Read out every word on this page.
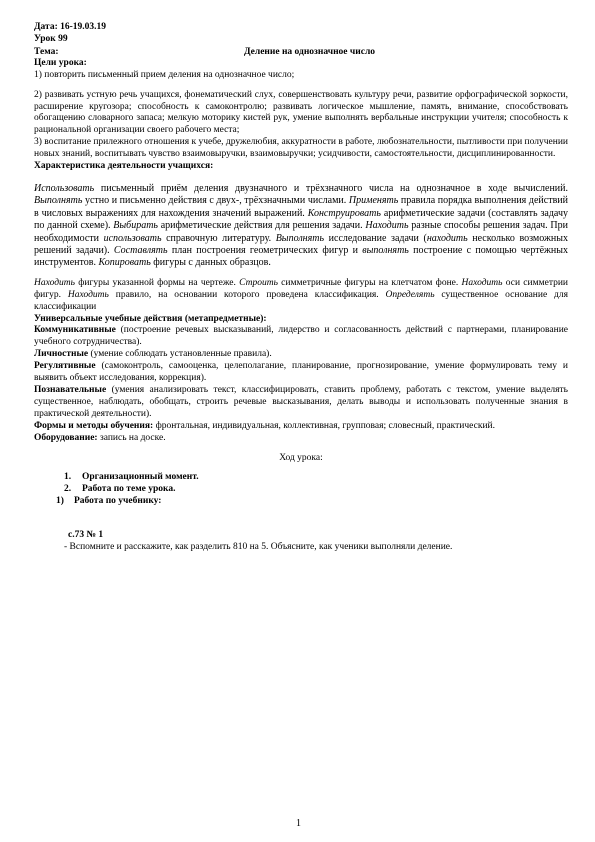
Дата: 16-19.03.19

Урок 99

Тема:	Деление на однозначное число

Цели урока:

1) повторить письменный прием деления на однозначное число;

2) развивать устную речь учащихся, фонематический слух, совершенствовать культуру речи, развитие орфографической зоркости, расширение кругозора; способность к самоконтролю; развивать логическое мышление, память, внимание, способствовать обогащению словарного запаса; мелкую моторику кистей рук, умение выполнять вербальные инструкции учителя; способность к рациональной организации своего рабочего места;

3) воспитание прилежного отношения к учебе, дружелюбия, аккуратности в работе, любознательности, пытливости при получении новых знаний, воспитывать чувство взаимовыручки, взаимовыручки; усидчивости, самостоятельности, дисциплинированности.

Характеристика деятельности учащихся:

Использовать письменный приём деления двузначного и трёхзначного числа на однозначное в ходе вычислений. Выполнять устно и письменно действия с двух-, трёхзначными числами. Применять правила порядка выполнения действий в числовых выражениях для нахождения значений выражений. Конструировать арифметические задачи (составлять задачу по данной схеме). Выбирать арифметические действия для решения задачи. Находить разные способы решения задач. При необходимости использовать справочную литературу. Выполнять исследование задачи (находить несколько возможных решений задачи). Составлять план построения геометрических фигур и выполнять построение с помощью чертёжных инструментов. Копировать фигуры с данных образцов.

Находить фигуры указанной формы на чертеже. Строить симметричные фигуры на клетчатом фоне. Находить оси симметрии фигур. Находить правило, на основании которого проведена классификация. Определять существенное основание для классификации

Универсальные учебные действия (метапредметные):

Коммуникативные (построение речевых высказываний, лидерство и согласованность действий с партнерами, планирование учебного сотрудничества).

Личностные (умение соблюдать установленные правила).

Регулятивные (самоконтроль, самооценка, целеполагание, планирование, прогнозирование, умение формулировать тему и выявить объект исследования, коррекция).

Познавательные (умения анализировать текст, классифицировать, ставить проблему, работать с текстом, умение выделять существенное, наблюдать, обобщать, строить речевые высказывания, делать выводы и использовать полученные знания в практической деятельности).

Формы и методы обучения: фронтальная, индивидуальная, коллективная, групповая; словесный, практический.

Оборудование: запись на доске.

Ход урока:

1. Организационный момент.
2. Работа по теме урока.
1) Работа по учебнику:

с.73 № 1

- Вспомните и расскажите, как разделить 810 на 5. Объясните, как ученики выполняли деление.

1
